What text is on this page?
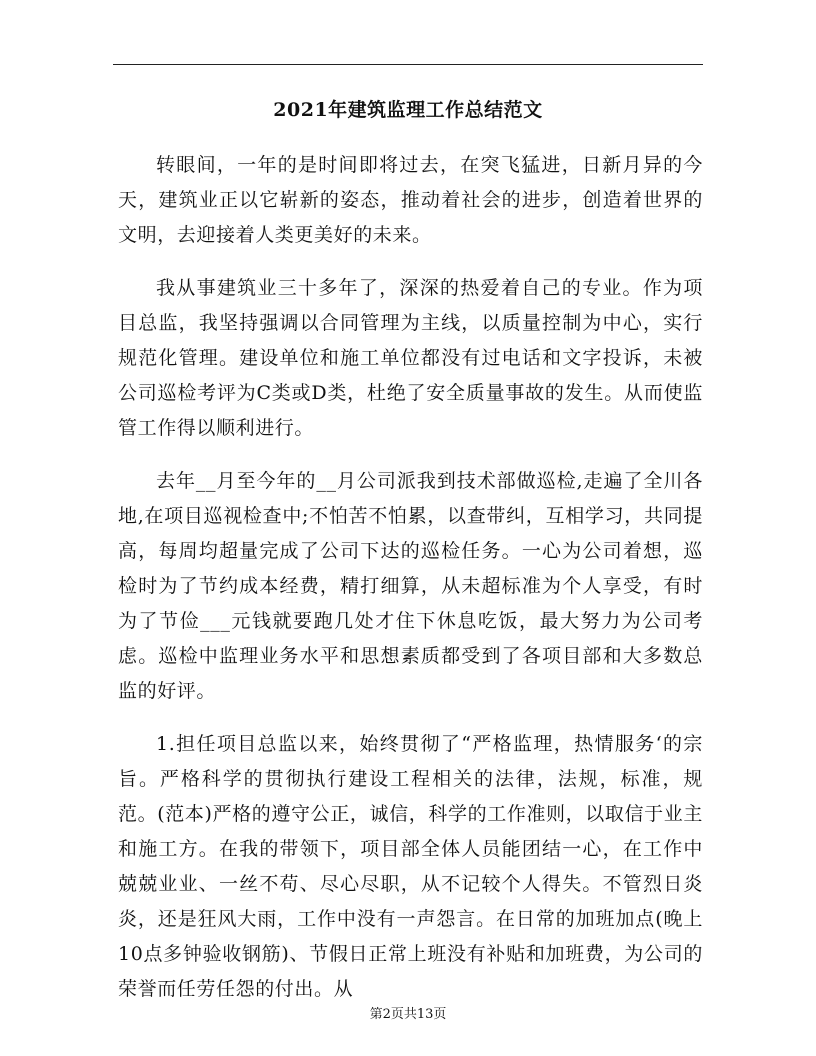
2021年建筑监理工作总结范文

转眼间，一年的是时间即将过去，在突飞猛进，日新月异的今天，建筑业正以它崭新的姿态，推动着社会的进步，创造着世界的文明，去迎接着人类更美好的未来。

我从事建筑业三十多年了，深深的热爱着自己的专业。作为项目总监，我坚持强调以合同管理为主线，以质量控制为中心，实行规范化管理。建设单位和施工单位都没有过电话和文字投诉，未被公司巡检考评为C类或D类，杜绝了安全质量事故的发生。从而使监管工作得以顺利进行。

去年__月至今年的__月公司派我到技术部做巡检,走遍了全川各地,在项目巡视检查中;不怕苦不怕累，以查带纠，互相学习，共同提高，每周均超量完成了公司下达的巡检任务。一心为公司着想，巡检时为了节约成本经费，精打细算，从未超标准为个人享受，有时为了节俭___元钱就要跑几处才住下休息吃饭，最大努力为公司考虑。巡检中监理业务水平和思想素质都受到了各项目部和大多数总监的好评。

1.担任项目总监以来，始终贯彻了“严格监理，热情服务‘的宗旨。严格科学的贯彻执行建设工程相关的法律，法规，标准，规范。(范本)严格的遵守公正，诚信，科学的工作准则，以取信于业主和施工方。在我的带领下，项目部全体人员能团结一心，在工作中兢兢业业、一丝不苟、尽心尽职，从不记较个人得失。不管烈日炎炎，还是狂风大雨，工作中没有一声怨言。在日常的加班加点(晚上10点多钟验收钢筋)、节假日正常上班没有补贴和加班费，为公司的荣誉而任劳任怨的付出。从

第2页共13页
